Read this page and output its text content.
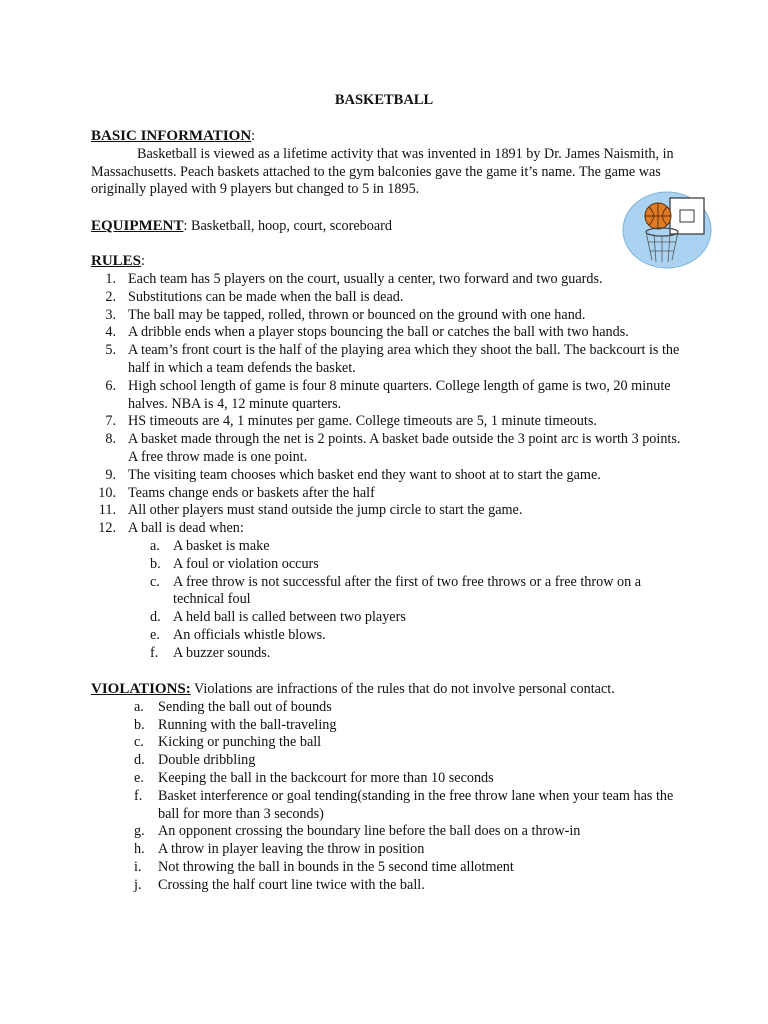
BASKETBALL
BASIC INFORMATION:

Basketball is viewed as a lifetime activity that was invented in 1891 by Dr. James Naismith, in Massachusetts. Peach baskets attached to the gym balconies gave the game it’s name. The game was originally played with 9 players but changed to 5 in 1895.

EQUIPMENT: Basketball, hoop, court, scoreboard
RULES:
1. Each team has 5 players on the court, usually a center, two forward and two guards.
2. Substitutions can be made when the ball is dead.
3. The ball may be tapped, rolled, thrown or bounced on the ground with one hand.
4. A dribble ends when a player stops bouncing the ball or catches the ball with two hands.
5. A team’s front court is the half of the playing area which they shoot the ball. The backcourt is the half in which a team defends the basket.
6. High school length of game is four 8 minute quarters. College length of game is two, 20 minute halves. NBA is 4, 12 minute quarters.
7. HS timeouts are 4, 1 minutes per game. College timeouts are 5, 1 minute timeouts.
8. A basket made through the net is 2 points. A basket bade outside the 3 point arc is worth 3 points. A free throw made is one point.
9. The visiting team chooses which basket end they want to shoot at to start the game.
10. Teams change ends or baskets after the half
11. All other players must stand outside the jump circle to start the game.
12. A ball is dead when:
a. A basket is make
b. A foul or violation occurs
c. A free throw is not successful after the first of two free throws or a free throw on a technical foul
d. A held ball is called between two players
e. An officials whistle blows.
f. A buzzer sounds.
VIOLATIONS: Violations are infractions of the rules that do not involve personal contact.
a. Sending the ball out of bounds
b. Running with the ball-traveling
c. Kicking or punching the ball
d. Double dribbling
e. Keeping the ball in the backcourt for more than 10 seconds
f. Basket interference or goal tending(standing in the free throw lane when your team has the ball for more than 3 seconds)
g. An opponent crossing the boundary line before the ball does on a throw-in
h. A throw in player leaving the throw in position
i. Not throwing the ball in bounds in the 5 second time allotment
j. Crossing the half court line twice with the ball.
